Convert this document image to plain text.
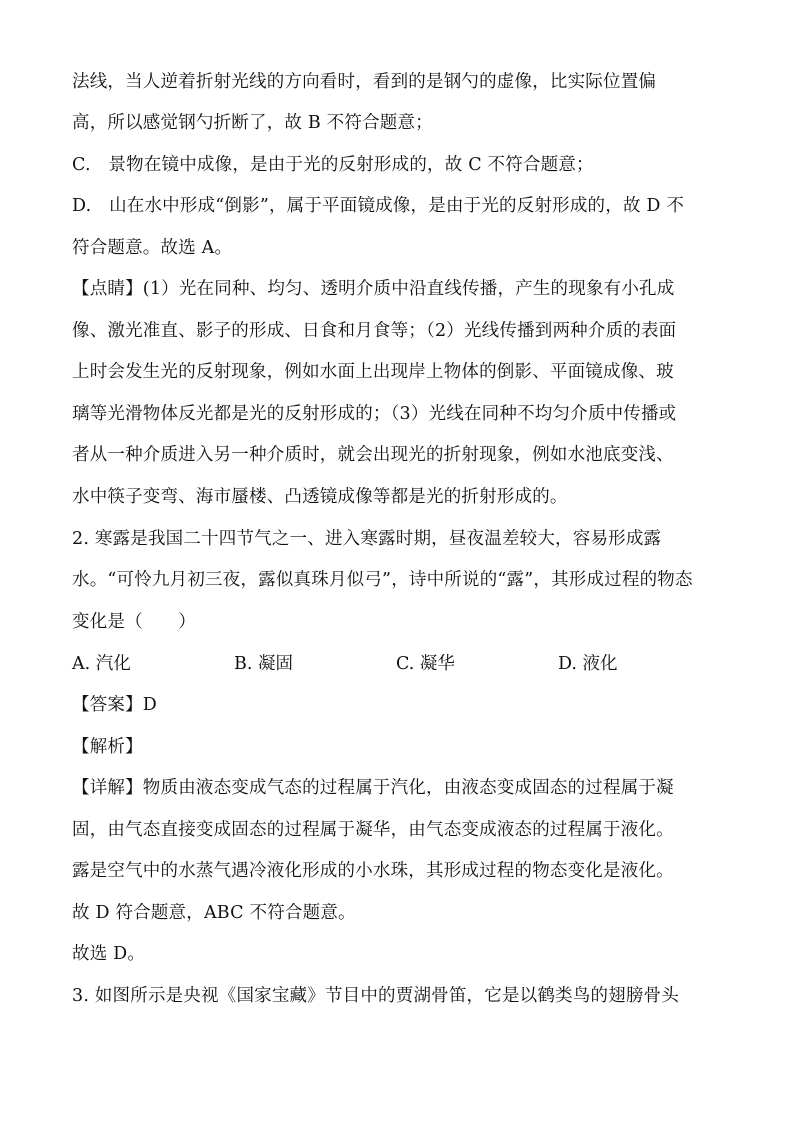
法线，当人逆着折射光线的方向看时，看到的是钢勺的虚像，比实际位置偏
高，所以感觉钢勺折断了，故 B 不符合题意；
C.　景物在镜中成像，是由于光的反射形成的，故 C 不符合题意；
D.　山在水中形成“倒影”，属于平面镜成像，是由于光的反射形成的，故 D 不
符合题意。故选 A。
【点睛】(1）光在同种、均匀、透明介质中沿直线传播，产生的现象有小孔成
像、激光准直、影子的形成、日食和月食等；（2）光线传播到两种介质的表面
上时会发生光的反射现象，例如水面上出现岸上物体的倒影、平面镜成像、玻
璃等光滑物体反光都是光的反射形成的；（3）光线在同种不均匀介质中传播或
者从一种介质进入另一种介质时，就会出现光的折射现象，例如水池底变浅、
水中筷子变弯、海市蜃楼、凸透镜成像等都是光的折射形成的。
2. 寒露是我国二十四节气之一、进入寒露时期，昼夜温差较大，容易形成露
水。“可怜九月初三夜，露似真珠月似弓”，诗中所说的“露”，其形成过程的物态
变化是（　　）
A. 汽化	B. 凝固	C. 凝华	D. 液化
【答案】D
【解析】
【详解】物质由液态变成气态的过程属于汽化，由液态变成固态的过程属于凝
固，由气态直接变成固态的过程属于凝华，由气态变成液态的过程属于液化。
露是空气中的水蒸气遇冷液化形成的小水珠，其形成过程的物态变化是液化。
故 D 符合题意，ABC 不符合题意。
故选 D。
3. 如图所示是央视《国家宝藏》节目中的贾湖骨笛，它是以鹤类鸟的翅膀骨头
